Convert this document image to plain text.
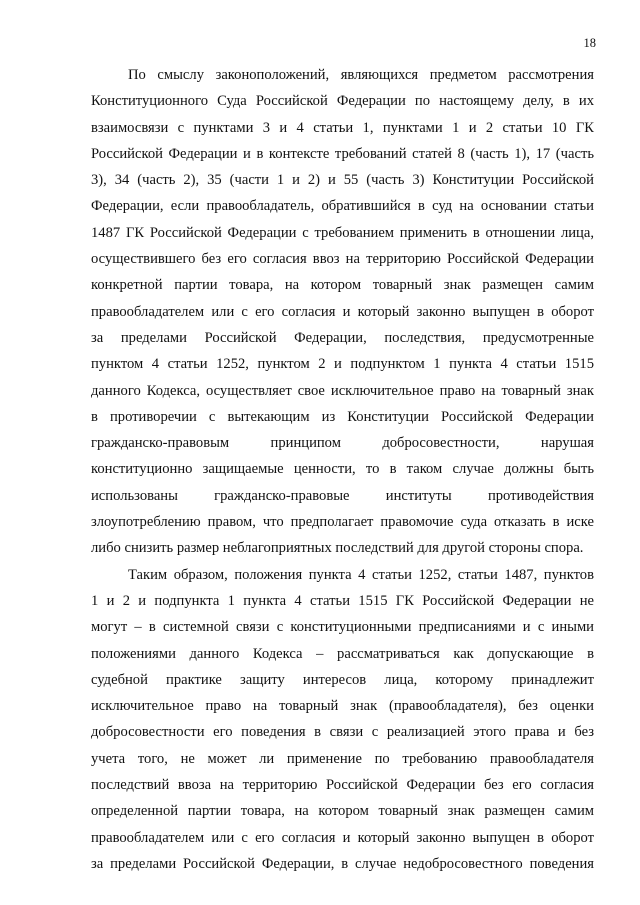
18
По смыслу законоположений, являющихся предметом рассмотрения
Конституционного Суда Российской Федерации по настоящему делу, в их
взаимосвязи с пунктами 3 и 4 статьи 1, пунктами 1 и 2 статьи 10 ГК
Российской Федерации и в контексте требований статей 8 (часть 1), 17 (часть
3), 34 (часть 2), 35 (части 1 и 2) и 55 (часть 3) Конституции Российской
Федерации, если правообладатель, обратившийся в суд на основании статьи
1487 ГК Российской Федерации с требованием применить в отношении лица,
осуществившего без его согласия ввоз на территорию Российской Федерации
конкретной партии товара, на котором товарный знак размещен самим
правообладателем или с его согласия и который законно выпущен в оборот
за пределами Российской Федерации, последствия, предусмотренные
пунктом 4 статьи 1252, пунктом 2 и подпунктом 1 пункта 4 статьи 1515
данного Кодекса, осуществляет свое исключительное право на товарный знак
в противоречии с вытекающим из Конституции Российской Федерации
гражданско-правовым принципом добросовестности, нарушая
конституционно защищаемые ценности, то в таком случае должны быть
использованы гражданско-правовые институты противодействия
злоупотреблению правом, что предполагает правомочие суда отказать в иске
либо снизить размер неблагоприятных последствий для другой стороны спора.
Таким образом, положения пункта 4 статьи 1252, статьи 1487, пунктов
1 и 2 и подпункта 1 пункта 4 статьи 1515 ГК Российской Федерации не
могут – в системной связи с конституционными предписаниями и с иными
положениями данного Кодекса – рассматриваться как допускающие в
судебной практике защиту интересов лица, которому принадлежит
исключительное право на товарный знак (правообладателя), без оценки
добросовестности его поведения в связи с реализацией этого права и без
учета того, не может ли применение по требованию правообладателя
последствий ввоза на территорию Российской Федерации без его согласия
определенной партии товара, на котором товарный знак размещен самим
правообладателем или с его согласия и который законно выпущен в оборот
за пределами Российской Федерации, в случае недобросовестного поведения
